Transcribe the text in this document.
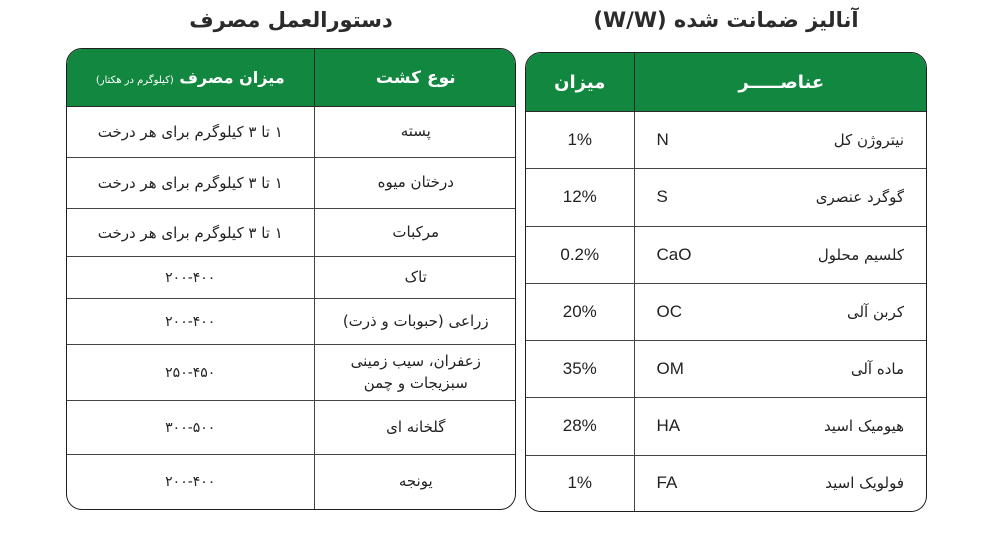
دستورالعمل مصرف
میزان مصرف (کیلوگرم در هکتار)	نوع کشت
۱ تا ۳ کیلوگرم برای هر درخت	پسته
۱ تا ۳ کیلوگرم برای هر درخت	درختان میوه
۱ تا ۳ کیلوگرم برای هر درخت	مرکبات
۲۰۰-۴۰۰	تاک
۲۰۰-۴۰۰	زراعی (حبوبات و ذرت)
۲۵۰-۴۵۰	زعفران، سیب زمینی
سبزیجات و چمن

۳۰۰-۵۰۰	گلخانه ای
۲۰۰-۴۰۰	یونجه
آنالیز ضمانت شده (W/W)
میزان	عناصـــــر	
1%	N	نیتروژن کل
12%	S	گوگرد عنصری
0.2%	CaO	کلسیم محلول
20%	OC	کربن آلی
35%	OM	ماده آلی
28%	HA	هیومیک اسید
1%	FA	فولویک اسید
